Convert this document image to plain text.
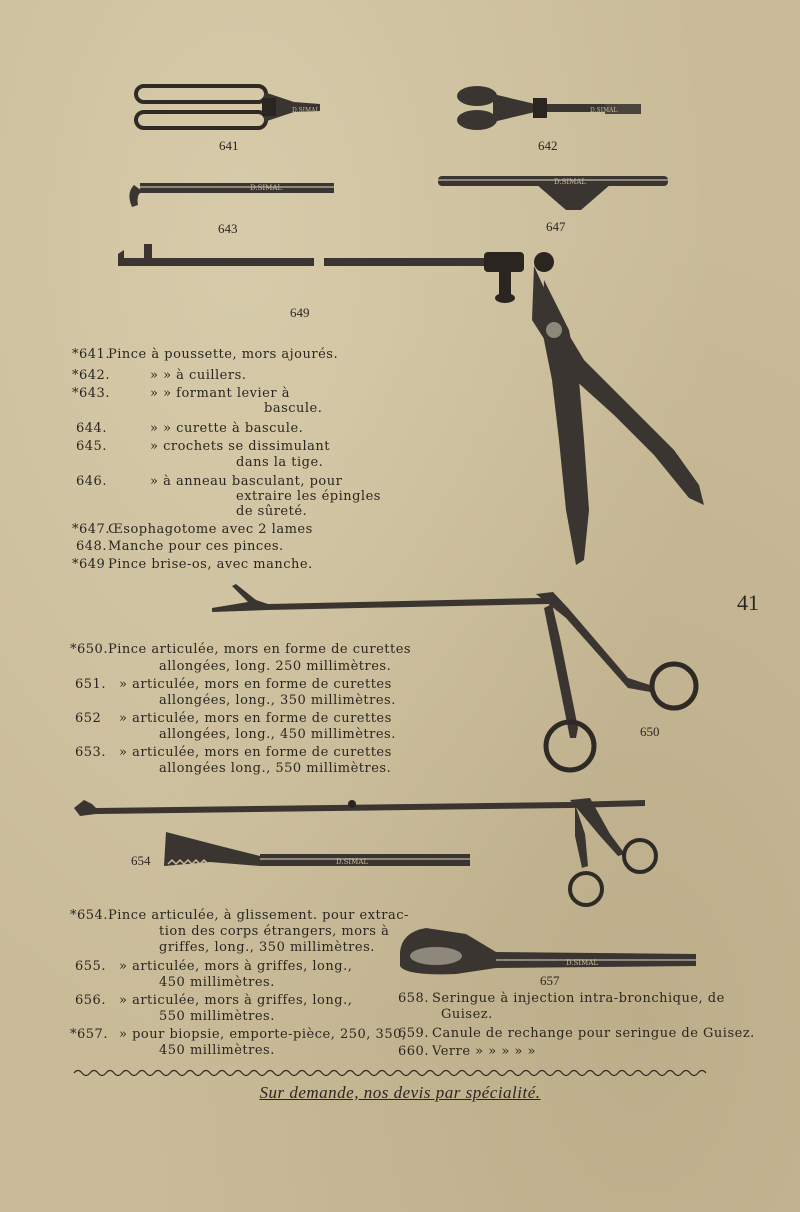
D.SIMAL
641
D.SIMAL
642
D.SIMAL
643
D.SIMAL
647
649
*641.
Pince à poussette, mors ajourés.
*642.	» » à cuillers.
*643.	» » formant levier à
bascule.
644.	» » curette à bascule.
645.	» crochets se dissimulant
dans la tige.
646.	» à anneau basculant, pour
extraire les épingles
de sûreté.
*647.
Œsophagotome avec 2 lames
648. Manche pour ces pinces.
*649 Pince brise-os, avec manche.
41
650
*650. Pince articulée, mors en forme de curettes
allongées, long. 250 millimètres.
651. » articulée, mors en forme de curettes
allongées, long., 350 millimètres.
652 » articulée, mors en forme de curettes
allongées, long., 450 millimètres.
653. » articulée, mors en forme de curettes
allongées long., 550 millimètres.
D.SIMAL
654
*654. Pince articulée, à glissement. pour extrac-
tion des corps étrangers, mors à
griffes, long., 350 millimètres.
655. » articulée, mors à griffes, long.,
450 millimètres.
656. » articulée, mors à griffes, long.,
550 millimètres.
*657. » pour biopsie, emporte-pièce, 250, 350,
450 millimètres.
D.SIMAL
657
658. Seringue à injection intra-bronchique, de
Guisez.
659. Canule de rechange pour seringue de Guisez.
660. Verre » » » » »
Sur demande, nos devis par spécialité.
